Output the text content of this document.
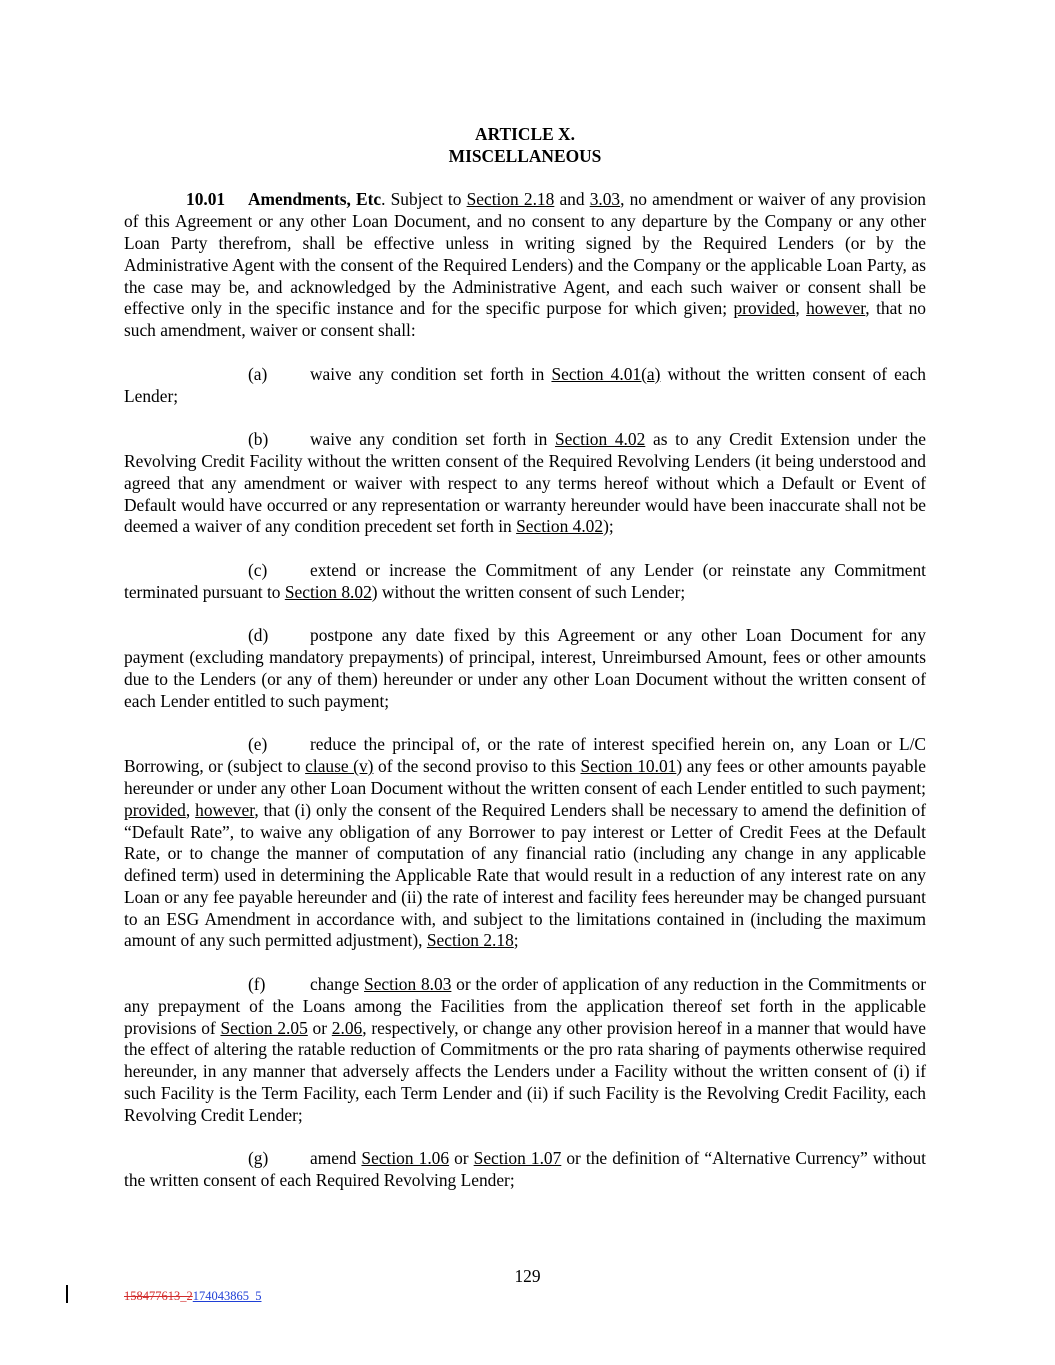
ARTICLE X.

MISCELLANEOUS

10.01 Amendments, Etc. Subject to Section 2.18 and 3.03, no amendment or waiver of any provision of this Agreement or any other Loan Document, and no consent to any departure by the Company or any other Loan Party therefrom, shall be effective unless in writing signed by the Required Lenders (or by the Administrative Agent with the consent of the Required Lenders) and the Company or the applicable Loan Party, as the case may be, and acknowledged by the Administrative Agent, and each such waiver or consent shall be effective only in the specific instance and for the specific purpose for which given; provided, however, that no such amendment, waiver or consent shall:

(a) waive any condition set forth in Section 4.01(a) without the written consent of each Lender;

(b) waive any condition set forth in Section 4.02 as to any Credit Extension under the Revolving Credit Facility without the written consent of the Required Revolving Lenders (it being understood and agreed that any amendment or waiver with respect to any terms hereof without which a Default or Event of Default would have occurred or any representation or warranty hereunder would have been inaccurate shall not be deemed a waiver of any condition precedent set forth in Section 4.02);

(c) extend or increase the Commitment of any Lender (or reinstate any Commitment terminated pursuant to Section 8.02) without the written consent of such Lender;

(d) postpone any date fixed by this Agreement or any other Loan Document for any payment (excluding mandatory prepayments) of principal, interest, Unreimbursed Amount, fees or other amounts due to the Lenders (or any of them) hereunder or under any other Loan Document without the written consent of each Lender entitled to such payment;

(e) reduce the principal of, or the rate of interest specified herein on, any Loan or L/C Borrowing, or (subject to clause (v) of the second proviso to this Section 10.01) any fees or other amounts payable hereunder or under any other Loan Document without the written consent of each Lender entitled to such payment; provided, however, that (i) only the consent of the Required Lenders shall be necessary to amend the definition of “Default Rate”, to waive any obligation of any Borrower to pay interest or Letter of Credit Fees at the Default Rate, or to change the manner of computation of any financial ratio (including any change in any applicable defined term) used in determining the Applicable Rate that would result in a reduction of any interest rate on any Loan or any fee payable hereunder and (ii) the rate of interest and facility fees hereunder may be changed pursuant to an ESG Amendment in accordance with, and subject to the limitations contained in (including the maximum amount of any such permitted adjustment), Section 2.18;

(f)	change Section 8.03 or the order of application of any reduction in the Commitments or any prepayment of the Loans among the Facilities from the application thereof set forth in the applicable provisions of Section 2.05 or 2.06, respectively, or change any other provision hereof in a manner that would have the effect of altering the ratable reduction of Commitments or the pro rata sharing of payments otherwise required hereunder, in any manner that adversely affects the Lenders under a Facility without the written consent of (i) if such Facility is the Term Facility, each Term Lender and (ii) if such Facility is the Revolving Credit Facility, each Revolving Credit Lender;

(g) amend Section 1.06 or Section 1.07 or the definition of “Alternative Currency” without the written consent of each Required Revolving Lender;

129
158477613_2174043865_5
